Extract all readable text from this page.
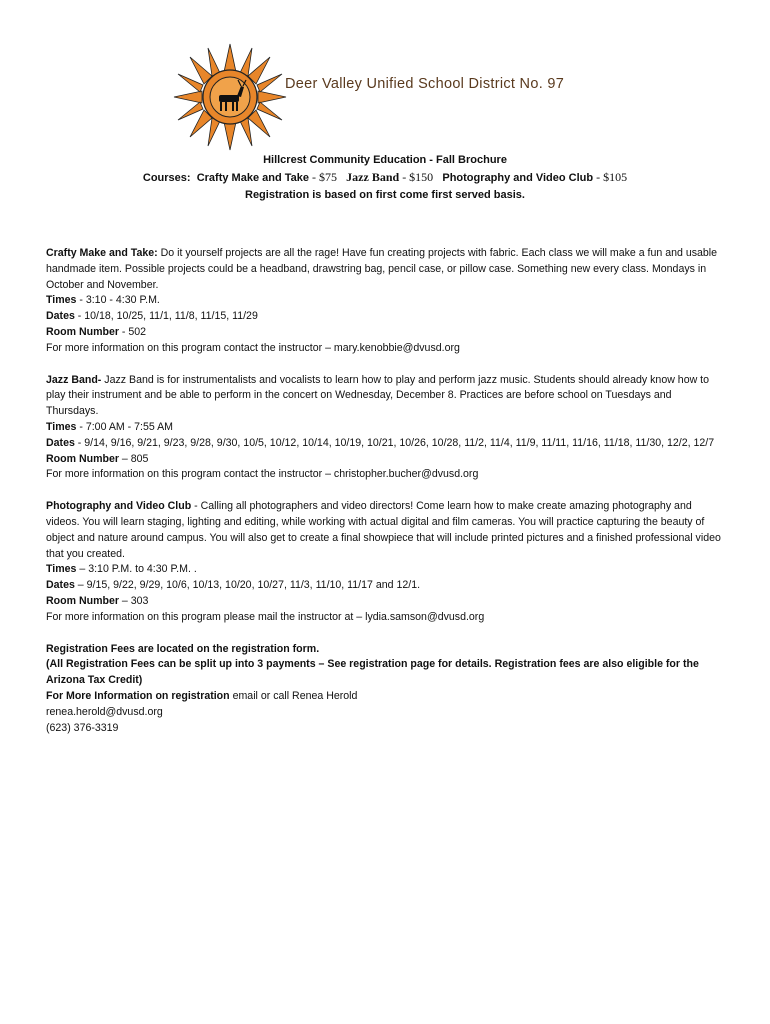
Deer Valley Unified School District No. 97
Hillcrest Community Education - Fall Brochure
Courses: Crafty Make and Take - $75 Jazz Band - $150 Photography and Video Club - $105
Registration is based on first come first served basis.

Crafty Make and Take: Do it yourself projects are all the rage! Have fun creating projects with fabric. Each class we will make a fun and usable handmade item. Possible projects could be a headband, drawstring bag, pencil case, or pillow case. Something new every class. Mondays in October and November.

Times - 3:10 - 4:30 P.M.

Dates - 10/18, 10/25, 11/1, 11/8, 11/15, 11/29

Room Number - 502

For more information on this program contact the instructor – mary.kenobbie@dvusd.org

Jazz Band- Jazz Band is for instrumentalists and vocalists to learn how to play and perform jazz music. Students should already know how to play their instrument and be able to perform in the concert on Wednesday, December 8. Practices are before school on Tuesdays and Thursdays.

Times - 7:00 AM - 7:55 AM

Dates - 9/14, 9/16, 9/21, 9/23, 9/28, 9/30, 10/5, 10/12, 10/14, 10/19, 10/21, 10/26, 10/28, 11/2, 11/4, 11/9, 11/11, 11/16, 11/18, 11/30, 12/2, 12/7

Room Number – 805

For more information on this program contact the instructor – christopher.bucher@dvusd.org

Photography and Video Club - Calling all photographers and video directors! Come learn how to make create amazing photography and videos. You will learn staging, lighting and editing, while working with actual digital and film cameras. You will practice capturing the beauty of object and nature around campus. You will also get to create a final showpiece that will include printed pictures and a finished professional video that you created.

Times – 3:10 P.M. to 4:30 P.M. .

Dates – 9/15, 9/22, 9/29, 10/6, 10/13, 10/20, 10/27, 11/3, 11/10, 11/17 and 12/1.

Room Number – 303

For more information on this program please mail the instructor at – lydia.samson@dvusd.org

Registration Fees are located on the registration form.

(All Registration Fees can be split up into 3 payments – See registration page for details. Registration fees are also eligible for the Arizona Tax Credit)

For More Information on registration email or call Renea Herold

renea.herold@dvusd.org

(623) 376-3319
